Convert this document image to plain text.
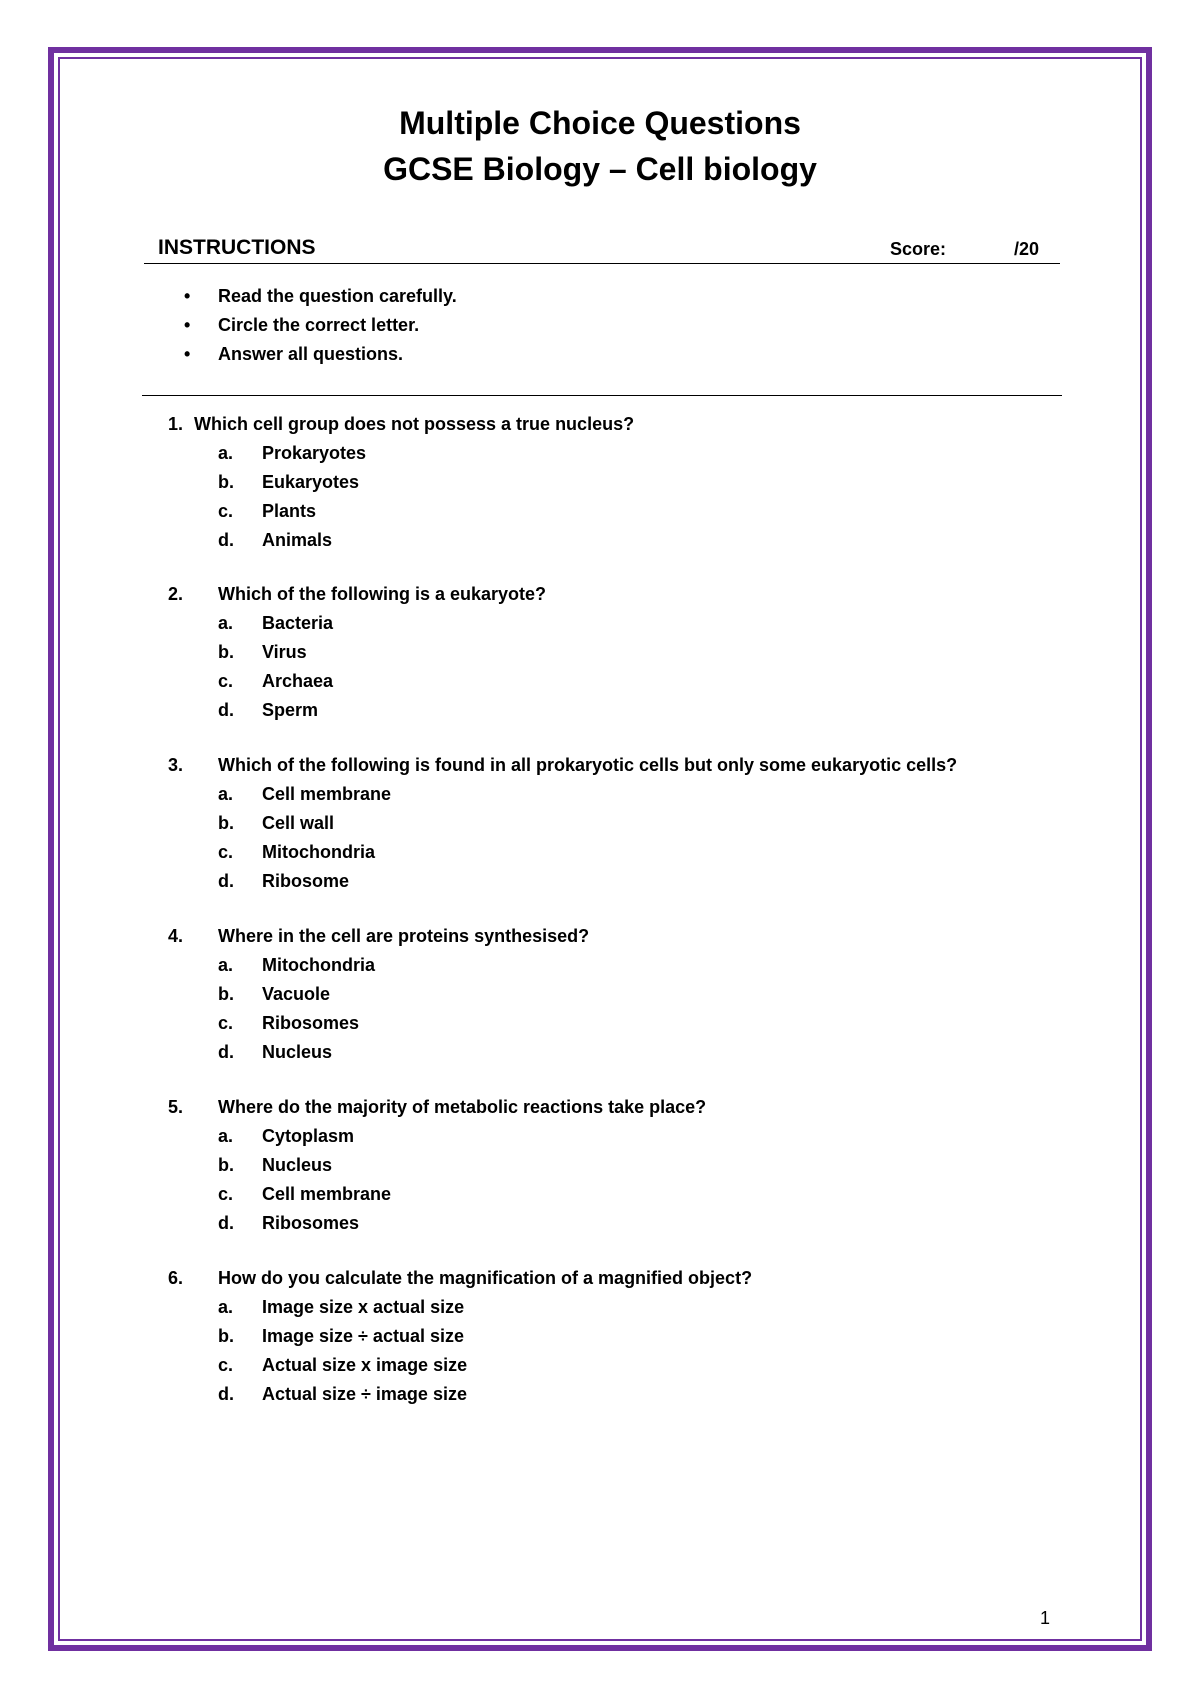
Multiple Choice Questions
GCSE Biology – Cell biology
INSTRUCTIONS	Score:	/20
• Read the question carefully.
• Circle the correct letter.
• Answer all questions.
1. Which cell group does not possess a true nucleus?
a. Prokaryotes
b. Eukaryotes
c. Plants
d. Animals
2. Which of the following is a eukaryote?
a. Bacteria
b. Virus
c. Archaea
d. Sperm
3. Which of the following is found in all prokaryotic cells but only some eukaryotic cells?
a. Cell membrane
b. Cell wall
c. Mitochondria
d. Ribosome
4. Where in the cell are proteins synthesised?
a. Mitochondria
b. Vacuole
c. Ribosomes
d. Nucleus
5. Where do the majority of metabolic reactions take place?
a. Cytoplasm
b. Nucleus
c. Cell membrane
d. Ribosomes
6. How do you calculate the magnification of a magnified object?
a. Image size x actual size
b. Image size ÷ actual size
c. Actual size x image size
d. Actual size ÷ image size
1
